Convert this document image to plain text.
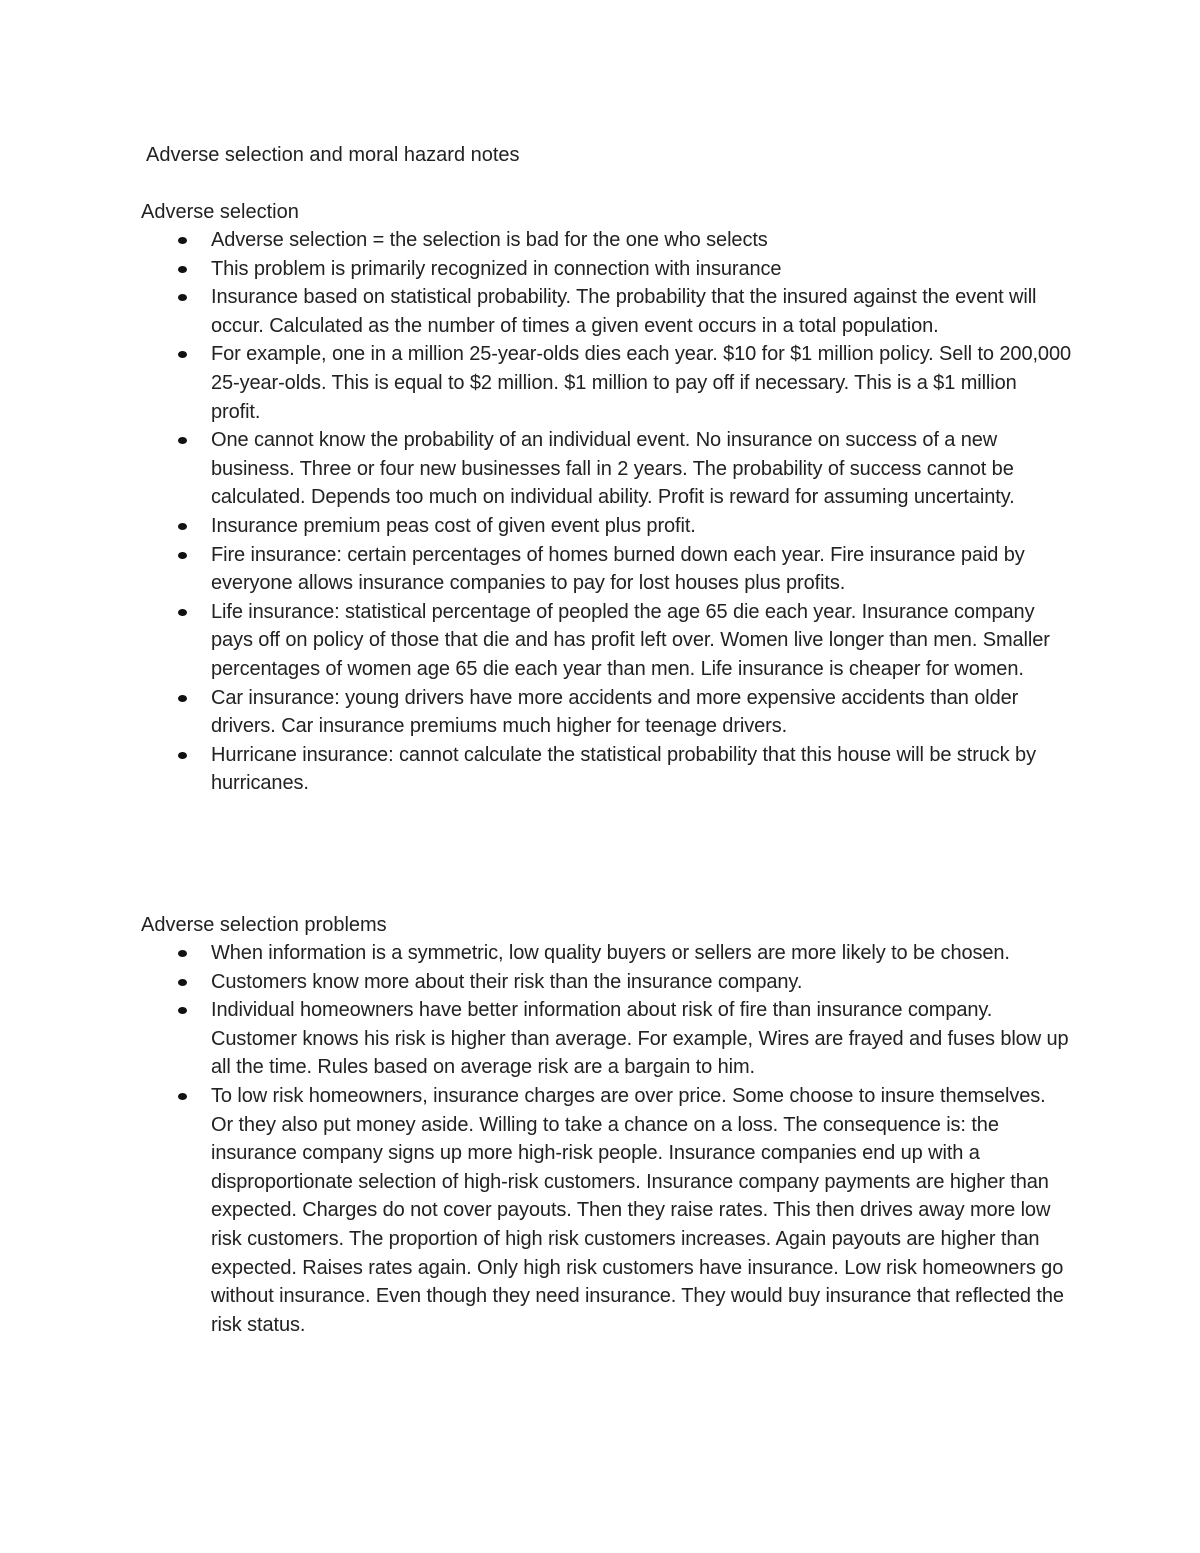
Adverse selection and moral hazard notes
Adverse selection
Adverse selection = the selection is bad for the one who selects
This problem is primarily recognized in connection with insurance
Insurance based on statistical probability. The probability that the insured against the event will occur. Calculated as the number of times a given event occurs in a total population.
For example, one in a million 25-year-olds dies each year. $10 for $1 million policy. Sell to 200,000 25-year-olds. This is equal to $2 million. $1 million to pay off if necessary. This is a $1 million profit.
One cannot know the probability of an individual event. No insurance on success of a new business. Three or four new businesses fall in 2 years. The probability of success cannot be calculated. Depends too much on individual ability. Profit is reward for assuming uncertainty.
Insurance premium peas cost of given event plus profit.
Fire insurance: certain percentages of homes burned down each year. Fire insurance paid by everyone allows insurance companies to pay for lost houses plus profits.
Life insurance: statistical percentage of peopled the age 65 die each year. Insurance company pays off on policy of those that die and has profit left over. Women live longer than men. Smaller percentages of women age 65 die each year than men. Life insurance is cheaper for women.
Car insurance: young drivers have more accidents and more expensive accidents than older drivers. Car insurance premiums much higher for teenage drivers.
Hurricane insurance: cannot calculate the statistical probability that this house will be struck by hurricanes.
Adverse selection problems
When information is a symmetric, low quality buyers or sellers are more likely to be chosen.
Customers know more about their risk than the insurance company.
Individual homeowners have better information about risk of fire than insurance company. Customer knows his risk is higher than average. For example, Wires are frayed and fuses blow up all the time. Rules based on average risk are a bargain to him.
To low risk homeowners, insurance charges are over price. Some choose to insure themselves. Or they also put money aside. Willing to take a chance on a loss. The consequence is: the insurance company signs up more high-risk people. Insurance companies end up with a disproportionate selection of high-risk customers. Insurance company payments are higher than expected. Charges do not cover payouts. Then they raise rates. This then drives away more low risk customers. The proportion of high risk customers increases. Again payouts are higher than expected. Raises rates again. Only high risk customers have insurance. Low risk homeowners go without insurance. Even though they need insurance. They would buy insurance that reflected the risk status.
